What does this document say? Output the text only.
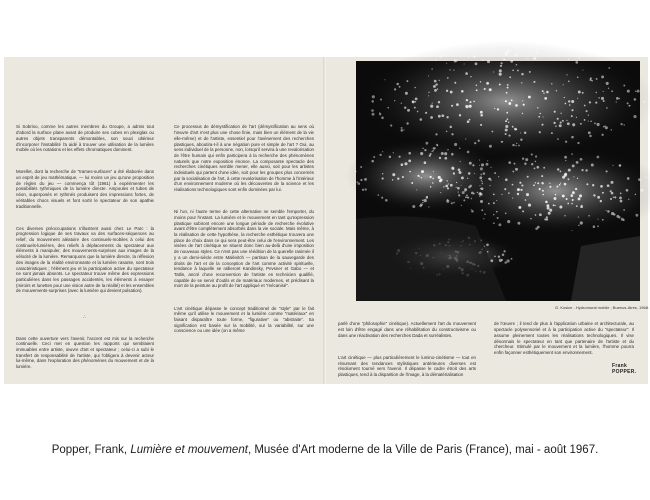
Si Sobrino, comme les autres membres du Groupe, a admis tout d'abord la surface plane avant de produire ses cubes en plexiglas ou autres objets transparents démontables, son souci ultérieur d'incorporer l'instabilité l'a aidé à trouver une utilisation de la lumière mobile où les notations et les effets chromatiques dominent.

Morellet, dont la recherche de "trames-surfaces" a été élaborée dans un esprit de jeu mathématique, — lui moins un jeu qu'une proposition de règles du jeu — commença tôt (1961) à expérimenter les possibilités rythmiques de la lumière directe. Ampoules et tubes de néon, superposés et rythmés produisent des impressions fortes, de véritables chocs visuels et font sortir le spectateur de son apathie traditionnelle.

Ces diverses préoccupations s'illustrent aussi chez Le Parc : la progression logique de ses travaux va des surfaces-séquences au relief, du mouvement aléatoire des continuels-mobiles à celui des continuels-lumières, des reliefs à déplacements du spectateur aux éléments à manipuler, des mouvements-surprises aux images de la vélocité de la lumière. Remarquons que la lumière directe, la réflexion des images de la réalité environnante et la lumière rasante, sont trois caractéristiques ; l'élément jeu et la participation active du spectateur ne sont jamais absents. Le spectateur trouve même des expressions particulières dans les passages accidentés, les éléments à essayer (miroirs et lunettes pour une vision autre de la réalité) et les ensembles de mouvements-surprises (avec la lumière qui devient pulsation).

∴

Dans cette ouverture vers l'avenir, l'accent est mis sur la recherche continuelle. Ceci met en question les rapports qui semblaient immuables entre artiste, œuvre d'art et spectateur ; celui-ci a subi le transfert de responsabilité de l'artiste, qui l'obligera à devenir acteur lui-même, dans l'exploration des phénomènes du mouvement et de la lumière.

Ce processus de démystification de l'art (démystification au sens où l'œuvre d'art n'est plus une chose finie, mais bien un élément de la vie elle-même) et de l'artiste, essentiel pour l'avènement des recherches plastiques, aboutira-t-il à une négation pure et simple de l'art ? Oui, au sens individuel de la personne, non, lorsqu'il servira à une revalorisation de l'être humain qui enfin participera à la recherche des phénomènes naturels que notre exposition énonce. La composante spectacle des recherches cinétiques semble mener, elle aussi, soit pour les artistes individuels qui partent d'une idée, soit pour les groupes plus concernés par la socialisation de l'art, à cette revalorisation de l'homme à l'intérieur d'un environnement moderne où les découvertes de la science et les réalisations technologiques sont enfin dominées par lui.

Ni l'un, ni l'autre terme de cette alternative ne semble l'emporter, du moins pour l'instant. La lumière et le mouvement en tant qu'expression plastique subiront encore une longue période de recherche évolutive avant d'être complètement absorbés dans la vie sociale. Mais même, à la réalisation de cette hypothèse, la recherche esthétique trouvera une place de choix dans ce qui sera peut-être celui de l'environnement. Les visées de l'art cinétique se situent donc bien au-delà d'une imposition de nouveaux styles. Ce n'est pas une réédition de la querelle ranimée il y a un demi-siècle entre Malévitch — partisan de la sauvegarde des droits de l'art et de la conception de l'art comme activité spirituelle, tendance à laquelle se rallieront Kandinsky, Pevsner et Gabo — et Tatlin, ancré d'une reconversion de l'artiste en technicien qualifié, capable de se servir d'outils et de matériaux modernes, et prédisant la mort de la peinture au profit de l'art appliqué et "mécanisé".

L'art cinétique dépasse le concept traditionnel de "style" par le fait même qu'il utilise le mouvement et la lumière comme "matériaux" en faisant disparaître toute forme, "figurative" ou "abstraite". Sa signification est basée sur la mobilité, sur la variabilité, sur une conscience ou une idée (on a même

G. Kosice - Hydromural mobile ; Buenos-Aires, 1968.

parlé d'une "philosophie" cinétique). Actuellement l'art du mouvement est loin d'être engagé dans une réhabilitation du constructivisme ou dans une réactivation des recherches Dada et surréalistes.

L'art cinétique — plus particulièrement le lumino-cinétisme — tout en résumant des tendances stylistiques antérieures diverses est résolument tourné vers l'avenir. Il dépasse le cadre étroit des arts plastiques, tend à la disparition de l'image, à la dématérialisation

de l'œuvre ; il tend de plus à l'application urbaine et architecturale, au spectacle polysensoriel et à la participation active du "spectateur". Il assume pleinement toutes les réalisations technologiques. Il vise désormais le spectateur en tant que partenaire de l'artiste et du chercheur. Stimulé par le mouvement et la lumière, l'homme pourra enfin façonner esthétiquement son environnement.

Frank POPPER.
Popper, Frank, Lumière et mouvement, Musée d'Art moderne de la Ville de Paris (France), mai - août 1967.
